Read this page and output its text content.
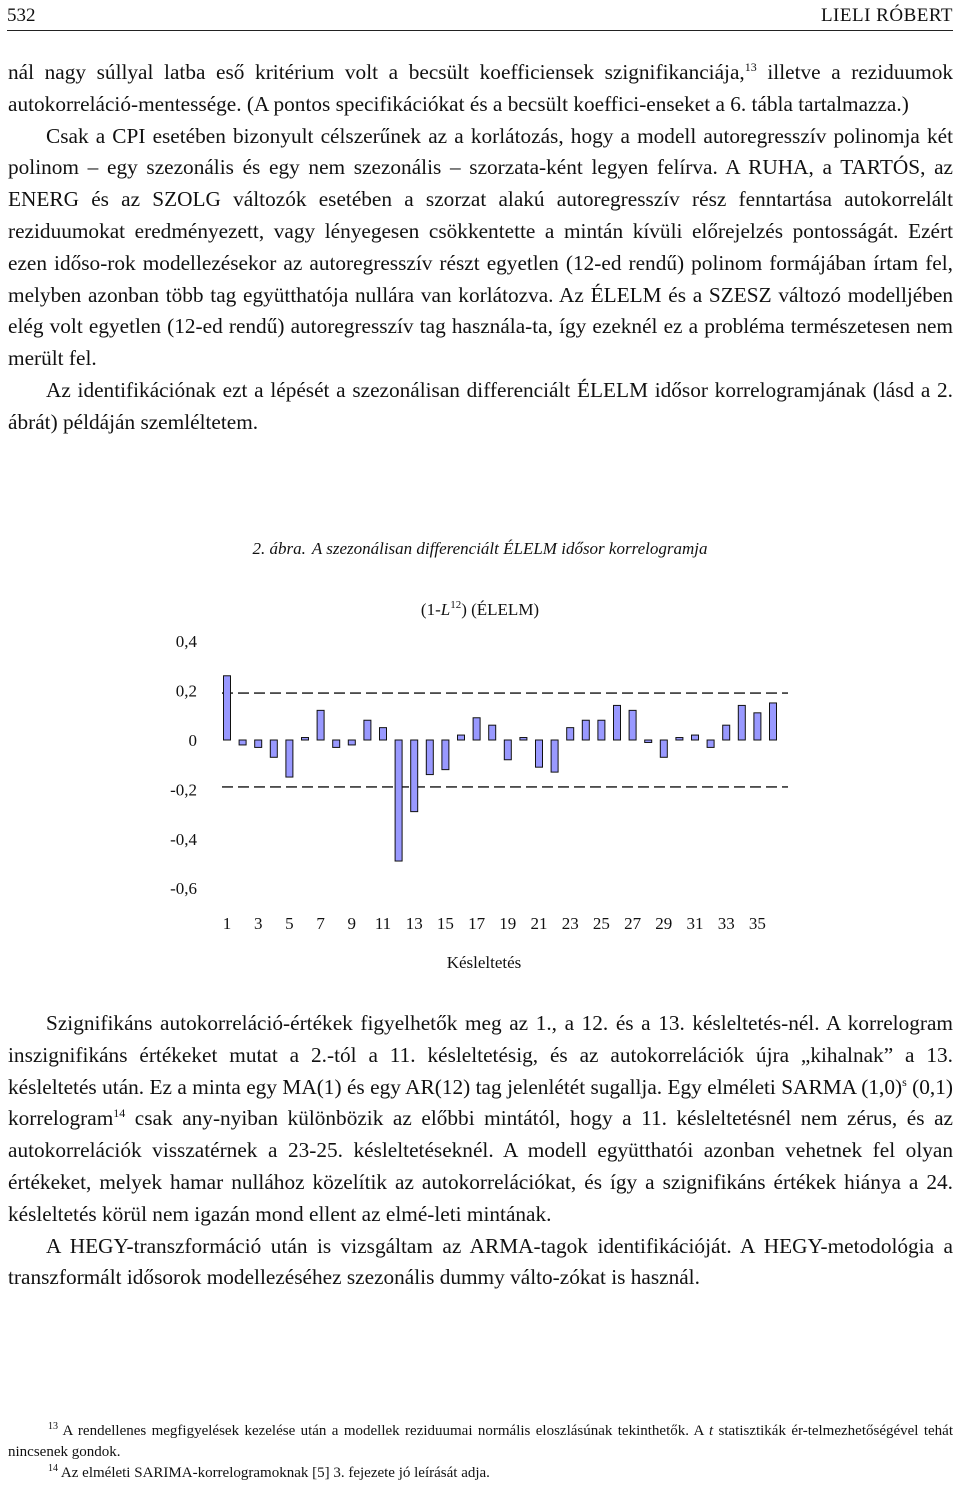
532	LIELI RÓBERT

nál nagy súllyal latba eső kritérium volt a becsült koefficiensek szignifikanciája,$^{13}$ illetve a reziduumok autokorreláció-mentessége. (A pontos specifikációkat és a becsült koeffici-enseket a 6. tábla tartalmazza.)

Csak a CPI esetében bizonyult célszerűnek az a korlátozás, hogy a modell autoregresszív polinomja két polinom – egy szezonális és egy nem szezonális – szorzata-ként legyen felírva. A RUHA, a TARTÓS, az ENERG és az SZOLG változók esetében a szorzat alakú autoregresszív rész fenntartása autokorrelált reziduumokat eredményezett, vagy lényegesen csökkentette a mintán kívüli előrejelzés pontosságát. Ezért ezen idősо-rok modellezésekor az autoregresszív részt egyetlen (12-ed rendű) polinom formájában írtam fel, melyben azonban több tag együtthatója nullára van korlátozva. Az ÉLELM és a SZESZ változó modelljében elég volt egyetlen (12-ed rendű) autoregresszív tag használa-ta, így ezeknél ez a probléma természetesen nem merült fel.

Az identifikációnak ezt a lépését a szezonálisan differenciált ÉLELM idősor korrelogramjának (lásd a 2. ábrát) példáján szemléltetem.

2. ábra. A szezonálisan differenciált ÉLELM idősor korrelogramja
$(1-L^{12})$ (ÉLELM)
0,4
0,2
0
-0,2
-0,4
-0,6
1 3 5 7 9 11 13 15 17 19 21 23 25 27 29 31 33 35
Késleltetés

Szignifikáns autokorreláció-értékek figyelhetők meg az 1., a 12. és a 13. késleltetés-nél. A korrelogram inszignifikáns értékeket mutat a 2.-tól a 11. késleltetésig, és az autokorrelációk újra „kihalnak” a 13. késleltetés után. Ez a minta egy MA(1) és egy AR(12) tag jelenlétét sugallja. Egy elméleti SARMA $(1,0)^s$ (0,1) korrelogram$^{14}$ csak any-nyiban különbözik az előbbi mintától, hogy a 11. késleltetésnél nem zérus, és az autokorrelációk visszatérnek a 23-25. késleltetéseknél. A modell együtthatói azonban vehetnek fel olyan értékeket, melyek hamar nullához közelítik az autokorrelációkat, és így a szignifikáns értékek hiánya a 24. késleltetés körül nem igazán mond ellent az elmé-leti mintának.

A HEGY-transzformáció után is vizsgáltam az ARMA-tagok identifikációját. A HEGY-metodológia a transzformált idősorok modellezéséhez szezonális dummy válto-zókat is használ.

$^{13}$ A rendellenes megfigyelések kezelése után a modellek reziduumai normális eloszlásúnak tekinthetők. A t statisztikák ér-telmezhetőségével tehát nincsenek gondok.

$^{14}$ Az elméleti SARIMA-korrelogramoknak [5] 3. fejezete jó leírását adja.
